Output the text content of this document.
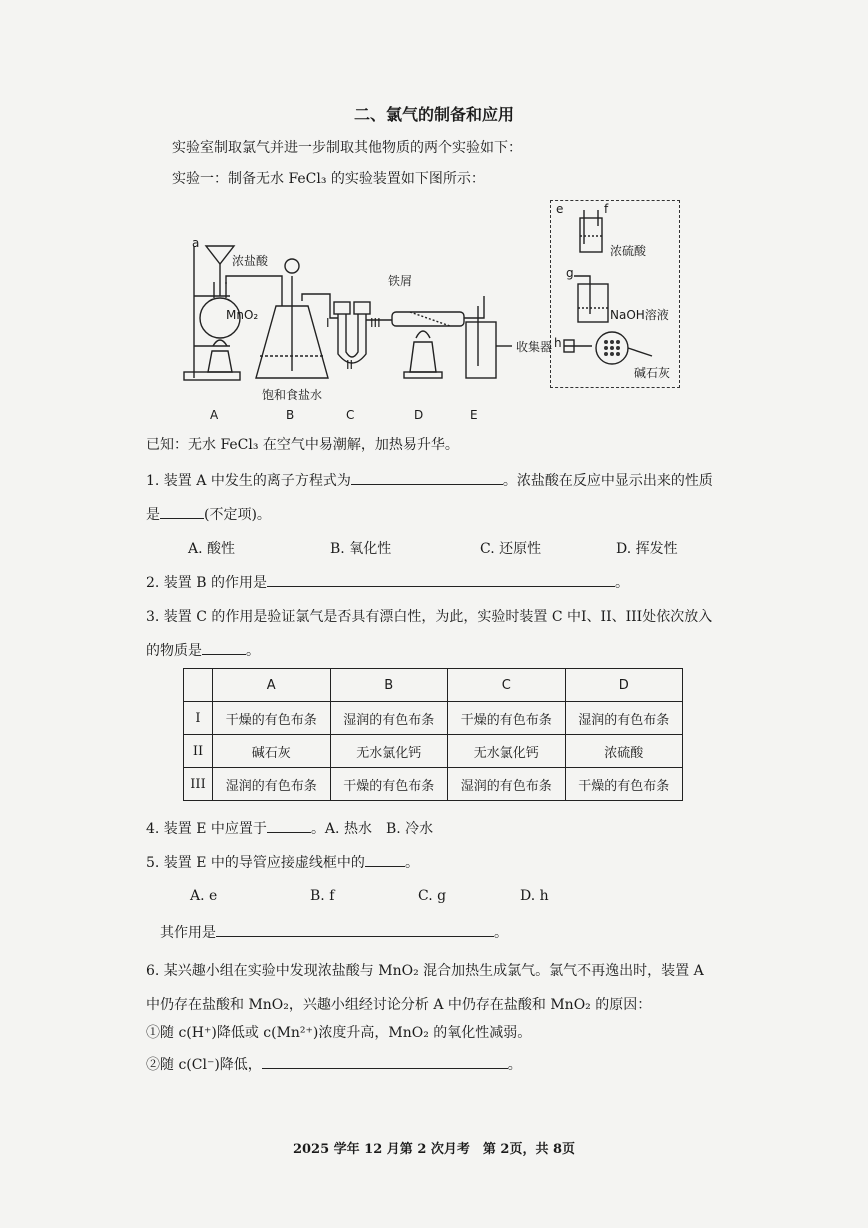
二、氯气的制备和应用
实验室制取氯气并进一步制取其他物质的两个实验如下：
实验一：制备无水 FeCl₃ 的实验装置如下图所示：
a
浓盐酸
MnO₂
饱和食盐水
I
II
III
铁屑
收集器
A	B	C	D	E
e	f
浓硫酸
g
NaOH溶液
h
碱石灰
已知：无水 FeCl₃ 在空气中易潮解，加热易升华。
1. 装置 A 中发生的离子方程式为	。浓盐酸在反应中显示出来的性质
是	(不定项)。
A. 酸性	B. 氧化性	C. 还原性	D. 挥发性
2. 装置 B 的作用是	。
3. 装置 C 的作用是验证氯气是否具有漂白性，为此，实验时装置 C 中I、II、III处依次放入
的物质是	。
	A	B	C	D
I	干燥的有色布条	湿润的有色布条	干燥的有色布条	湿润的有色布条
II	碱石灰	无水氯化钙	无水氯化钙	浓硫酸
III	湿润的有色布条	干燥的有色布条	湿润的有色布条	干燥的有色布条
4. 装置 E 中应置于	。A. 热水　B. 冷水
5. 装置 E 中的导管应接虚线框中的	。
A. e	B. f	C. g	D. h
其作用是	。
6. 某兴趣小组在实验中发现浓盐酸与 MnO₂ 混合加热生成氯气。氯气不再逸出时，装置 A
中仍存在盐酸和 MnO₂，兴趣小组经讨论分析 A 中仍存在盐酸和 MnO₂ 的原因：
①随 c(H⁺)降低或 c(Mn²⁺)浓度升高，MnO₂ 的氧化性减弱。
②随 c(Cl⁻)降低，	。
2025 学年 12 月第 2 次月考　第 2页，共 8页
